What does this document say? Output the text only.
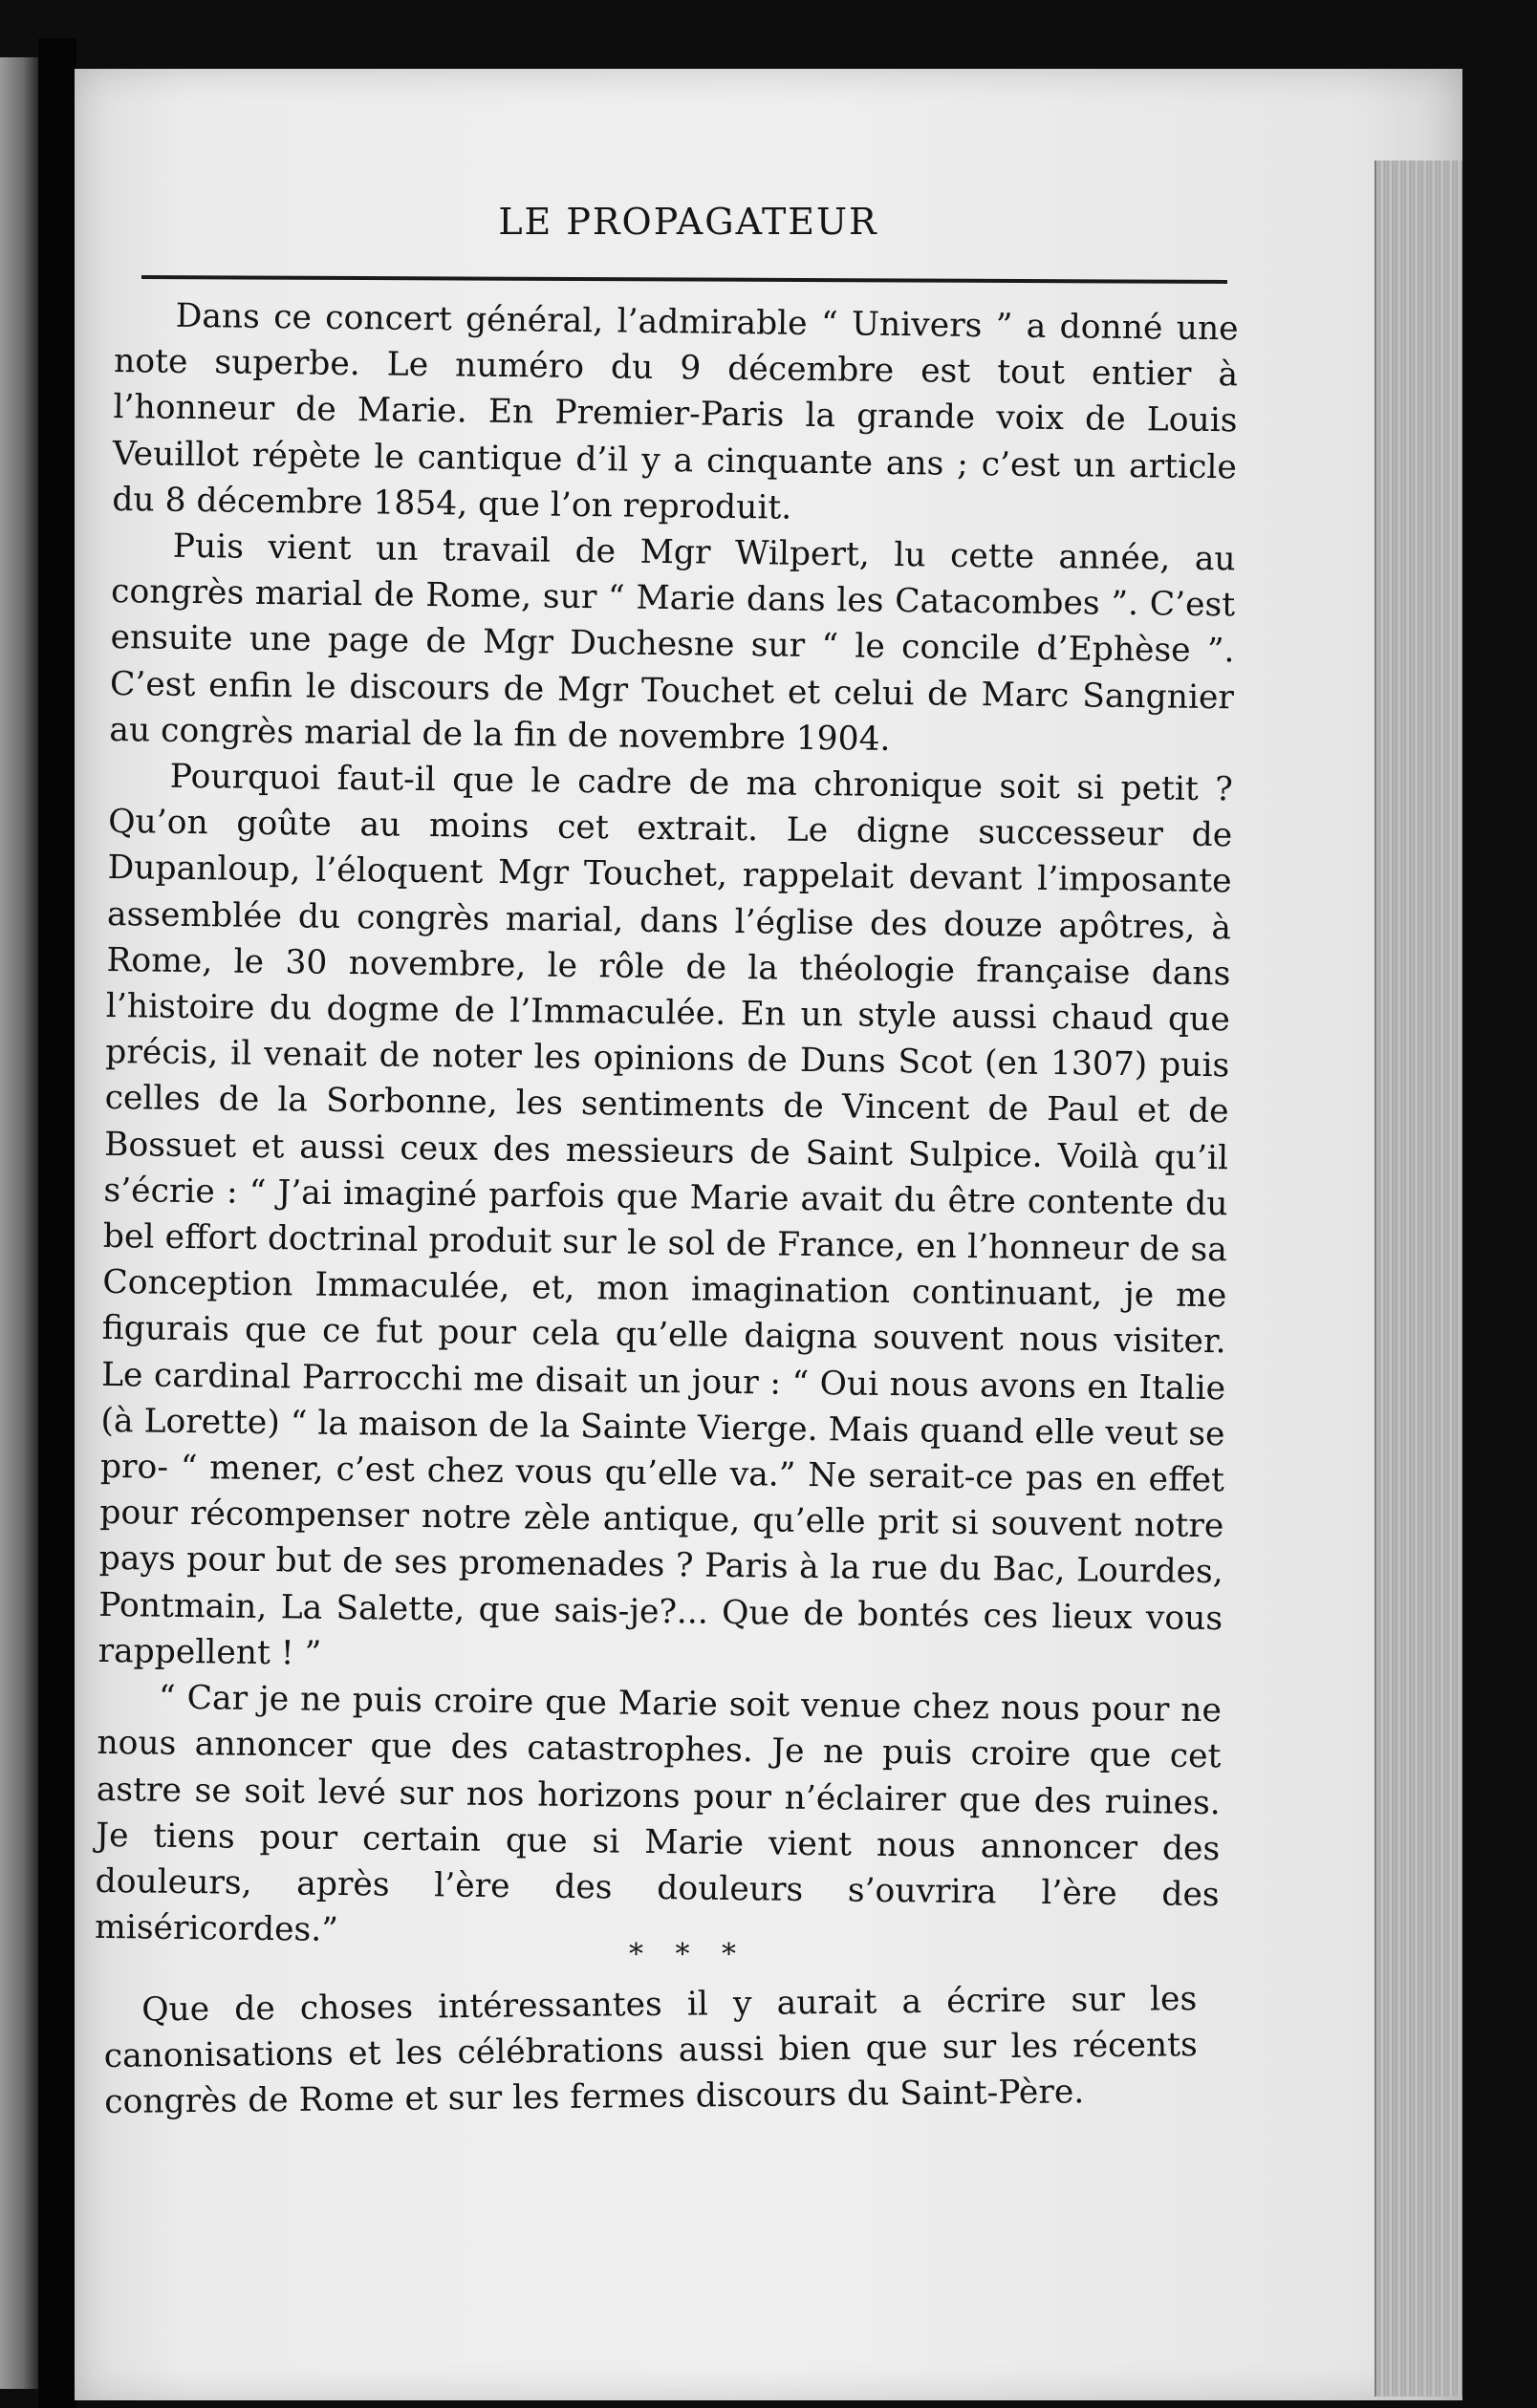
LE PROPAGATEUR

Dans ce concert général, l’admirable “ Univers ” a donné une note superbe. Le numéro du 9 décembre est tout entier à l’honneur de Marie. En Premier-Paris la grande voix de Louis Veuillot répète le cantique d’il y a cinquante ans ; c’est un article du 8 décembre 1854, que l’on reproduit.

Puis vient un travail de Mgr Wilpert, lu cette année, au congrès marial de Rome, sur “ Marie dans les Catacombes ”. C’est ensuite une page de Mgr Duchesne sur “ le concile d’Ephèse ”. C’est enfin le discours de Mgr Touchet et celui de Marc Sangnier au congrès marial de la fin de novembre 1904.

Pourquoi faut-il que le cadre de ma chronique soit si petit ? Qu’on goûte au moins cet extrait. Le digne successeur de Dupanloup, l’éloquent Mgr Touchet, rappelait devant l’imposante assemblée du congrès marial, dans l’église des douze apôtres, à Rome, le 30 novembre, le rôle de la théologie française dans l’histoire du dogme de l’Immaculée. En un style aussi chaud que précis, il venait de noter les opinions de Duns Scot (en 1307) puis celles de la Sorbonne, les sentiments de Vincent de Paul et de Bossuet et aussi ceux des messieurs de Saint Sulpice. Voilà qu’il s’écrie : “ J’ai imaginé parfois que Marie avait du être contente du bel effort doctrinal produit sur le sol de France, en l’honneur de sa Conception Immaculée, et, mon imagination continuant, je me figurais que ce fut pour cela qu’elle daigna souvent nous visiter. Le cardinal Parrocchi me disait un jour : “ Oui nous avons en Italie (à Lorette) “ la maison de la Sainte Vierge. Mais quand elle veut se pro- “ mener, c’est chez vous qu’elle va.” Ne serait-ce pas en effet pour récompenser notre zèle antique, qu’elle prit si souvent notre pays pour but de ses promenades ? Paris à la rue du Bac, Lourdes, Pontmain, La Salette, que sais-je?... Que de bontés ces lieux vous rappellent ! ”

“ Car je ne puis croire que Marie soit venue chez nous pour ne nous annoncer que des catastrophes. Je ne puis croire que cet astre se soit levé sur nos horizons pour n’éclairer que des ruines. Je tiens pour certain que si Marie vient nous annoncer des douleurs, après l’ère des douleurs s’ouvrira l’ère des miséricordes.”

* * *

Que de choses intéressantes il y aurait a écrire sur les canonisations et les célébrations aussi bien que sur les récents congrès de Rome et sur les fermes discours du Saint-Père.
